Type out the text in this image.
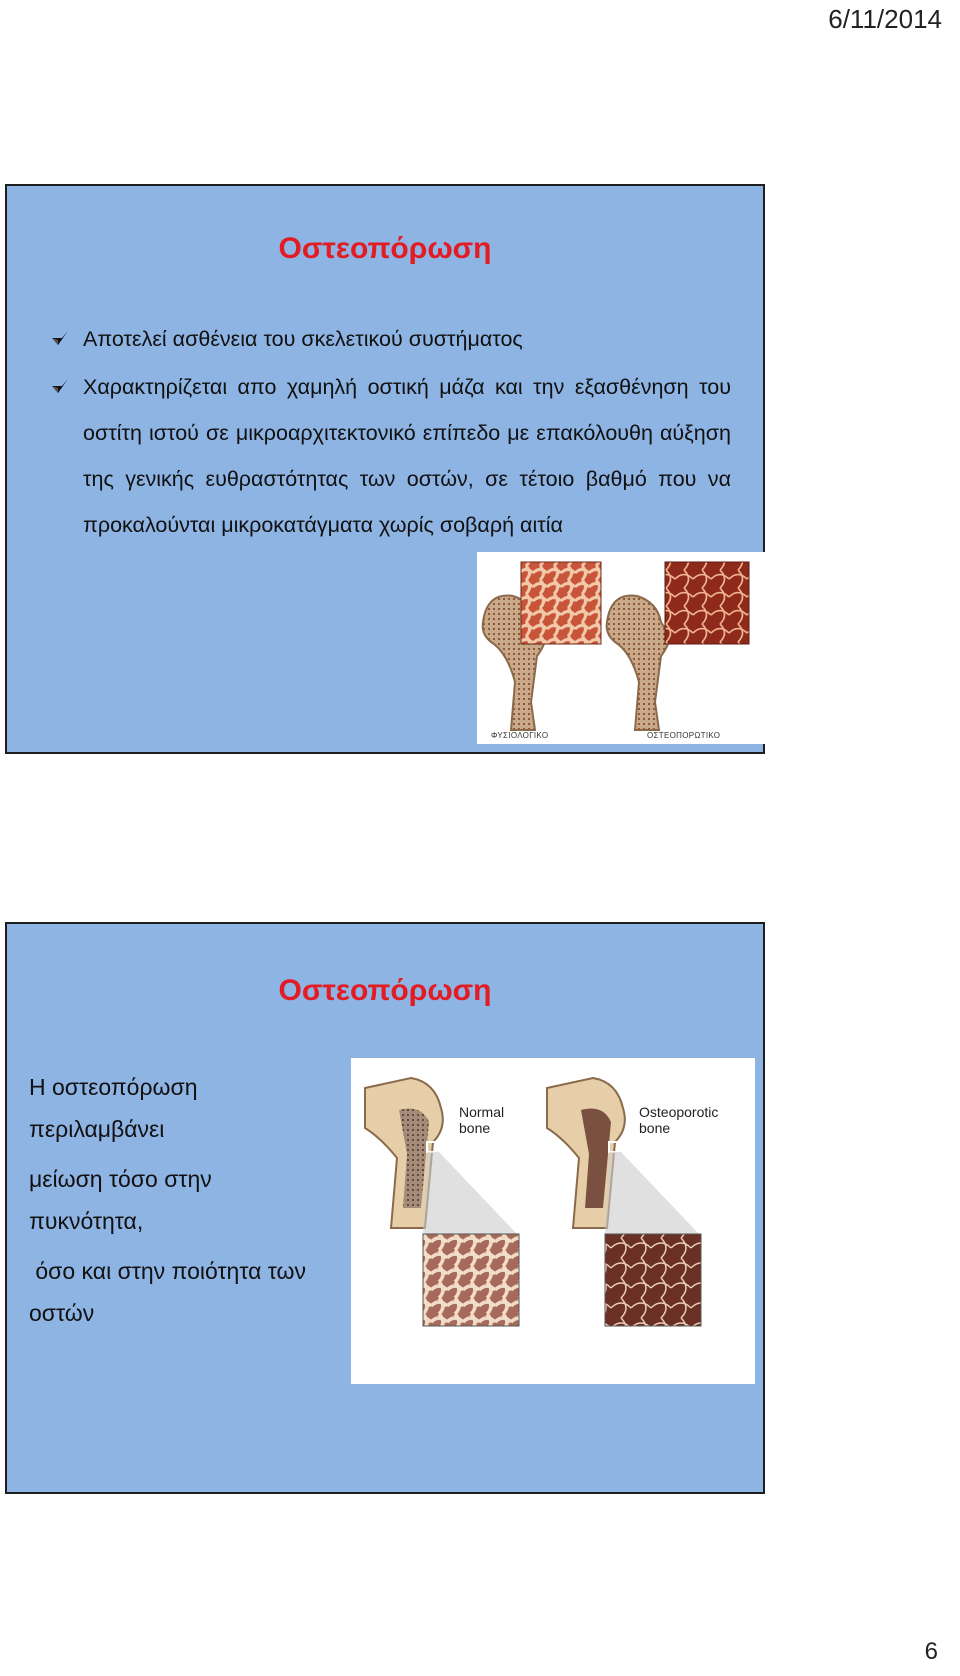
6/11/2014
Οστεοπόρωση
Αποτελεί ασθένεια του σκελετικού συστήματος
Χαρακτηρίζεται απο χαμηλή οστική μάζα και την εξασθένηση του οστίτη ιστού σε μικροαρχιτεκτονικό επίπεδο με επακόλουθη αύξηση της γενικής ευθραστότητας των οστών, σε τέτοιο βαθμό που να προκαλούνται μικροκατάγματα χωρίς σοβαρή αιτία
ΦΥΣΙΟΛΟΓΙΚΟ	ΟΣΤΕΟΠΟΡΩΤΙΚΟ
Οστεοπόρωση
Η οστεοπόρωση
περιλαμβάνει
μείωση τόσο στην
πυκνότητα,
όσο και στην ποιότητα των
οστών
Normal bone
Osteoporotic bone
6
